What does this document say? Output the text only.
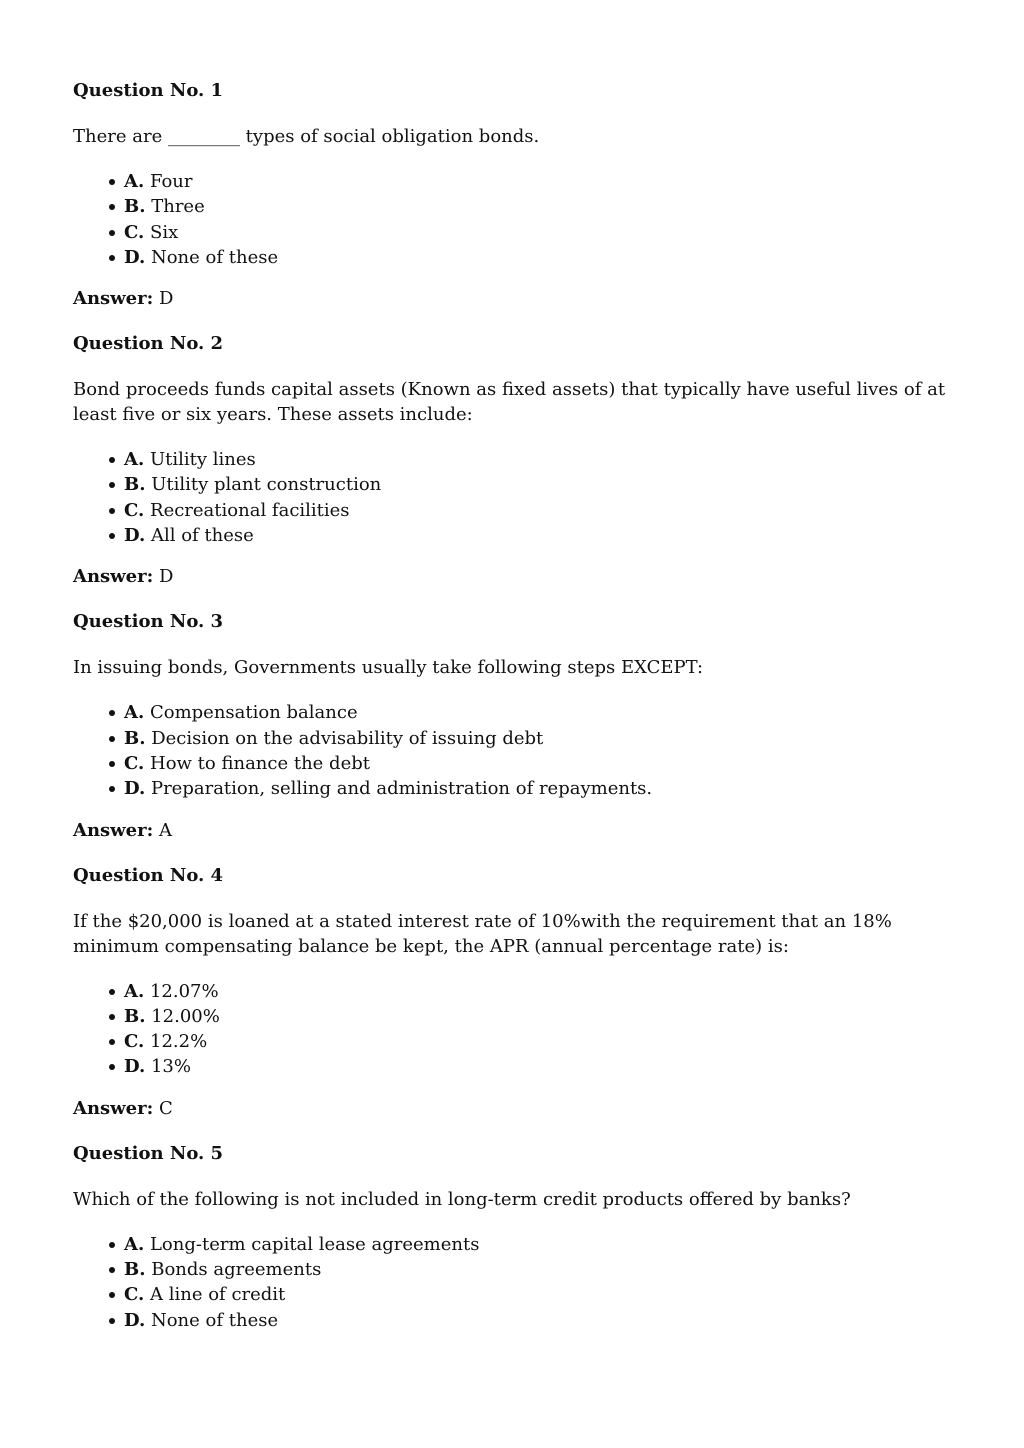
Question No. 1

There are ________ types of social obligation bonds.

A. Four
B. Three
C. Six
D. None of these

Answer: D

Question No. 2

Bond proceeds funds capital assets (Known as fixed assets) that typically have useful lives of at least five or six years. These assets include:

A. Utility lines
B. Utility plant construction
C. Recreational facilities
D. All of these

Answer: D

Question No. 3

In issuing bonds, Governments usually take following steps EXCEPT:

A. Compensation balance
B. Decision on the advisability of issuing debt
C. How to finance the debt
D. Preparation, selling and administration of repayments.

Answer: A

Question No. 4

If the $20,000 is loaned at a stated interest rate of 10%with the requirement that an 18% minimum compensating balance be kept, the APR (annual percentage rate) is:

A. 12.07%
B. 12.00%
C. 12.2%
D. 13%

Answer: C

Question No. 5

Which of the following is not included in long-term credit products offered by banks?

A. Long-term capital lease agreements
B. Bonds agreements
C. A line of credit
D. None of these
